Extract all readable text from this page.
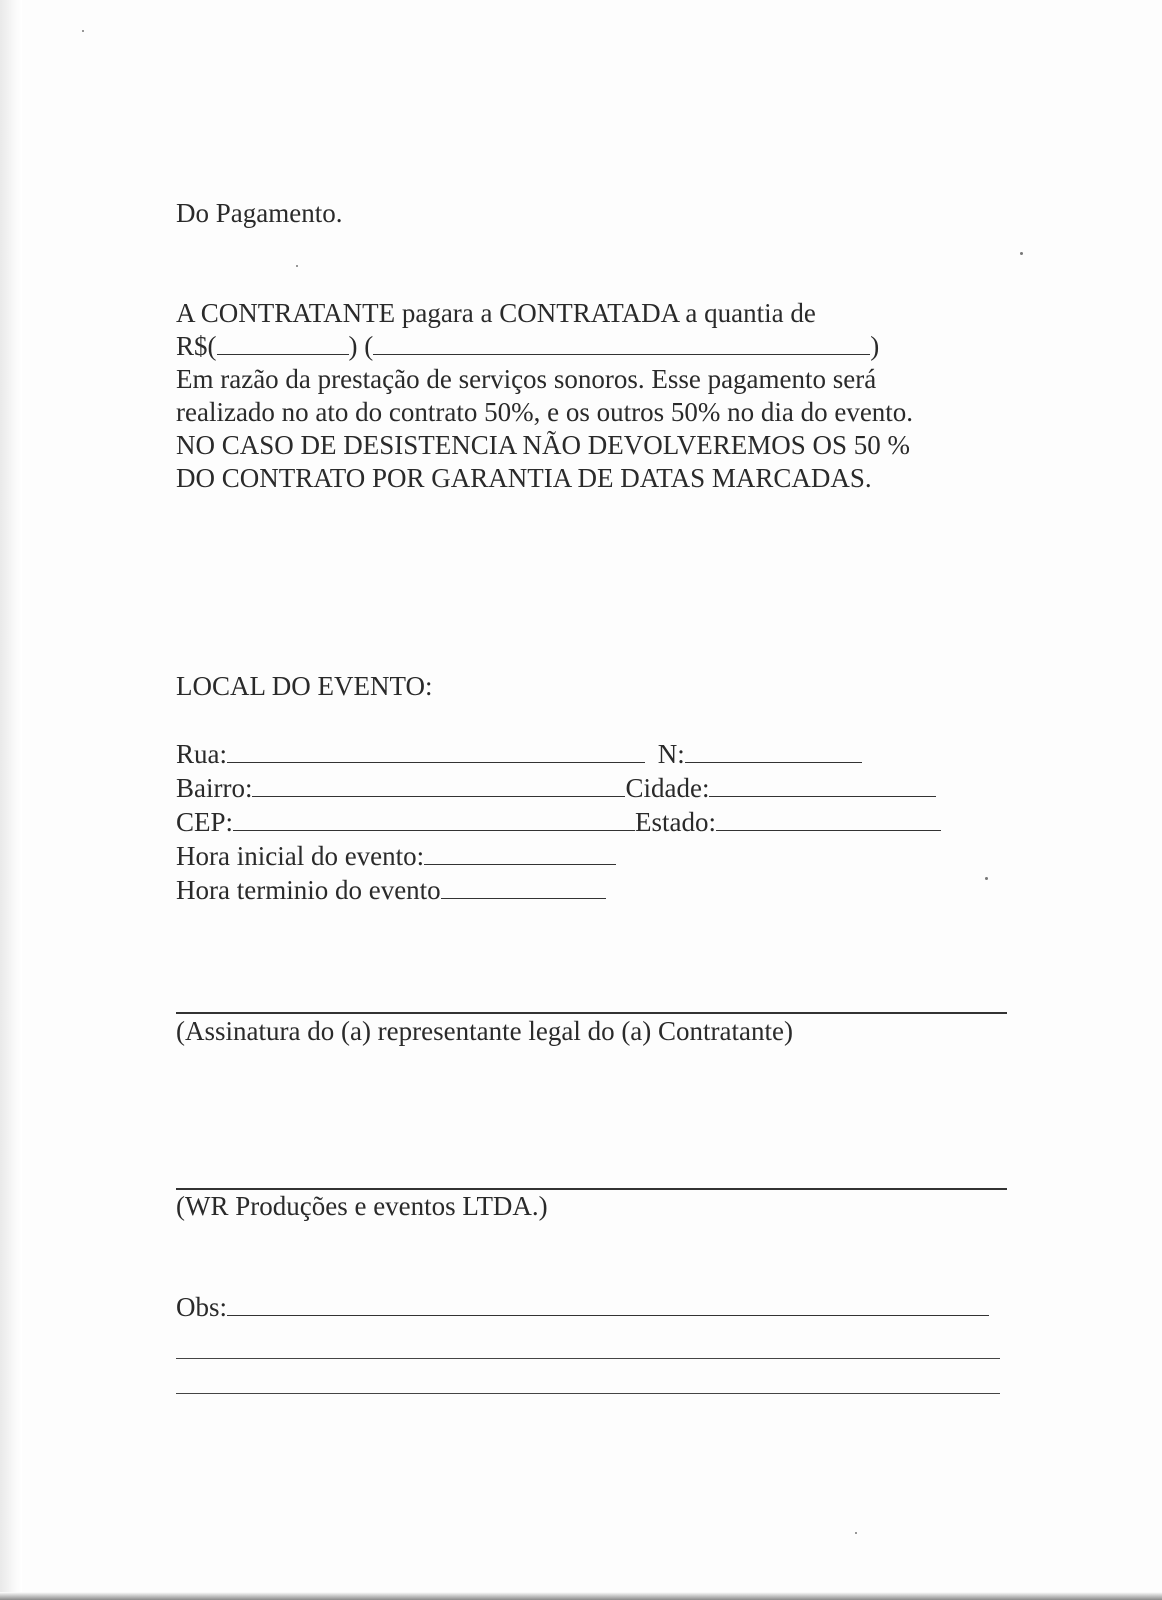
Do Pagamento.
A CONTRATANTE pagara a CONTRATADA a quantia de
R$(	) (	)
Em razão da prestação de serviços sonoros. Esse pagamento será
realizado no ato do contrato 50%, e os outros 50% no dia do evento.
NO CASO DE DESISTENCIA NÃO DEVOLVEREMOS OS 50 %
DO CONTRATO POR GARANTIA DE DATAS MARCADAS.
LOCAL DO EVENTO:
Rua:	N:
Bairro:	Cidade:
CEP:	Estado:
Hora inicial do evento:
Hora terminio do evento
(Assinatura do (a) representante legal do (a) Contratante)
(WR Produções e eventos LTDA.)
Obs:
